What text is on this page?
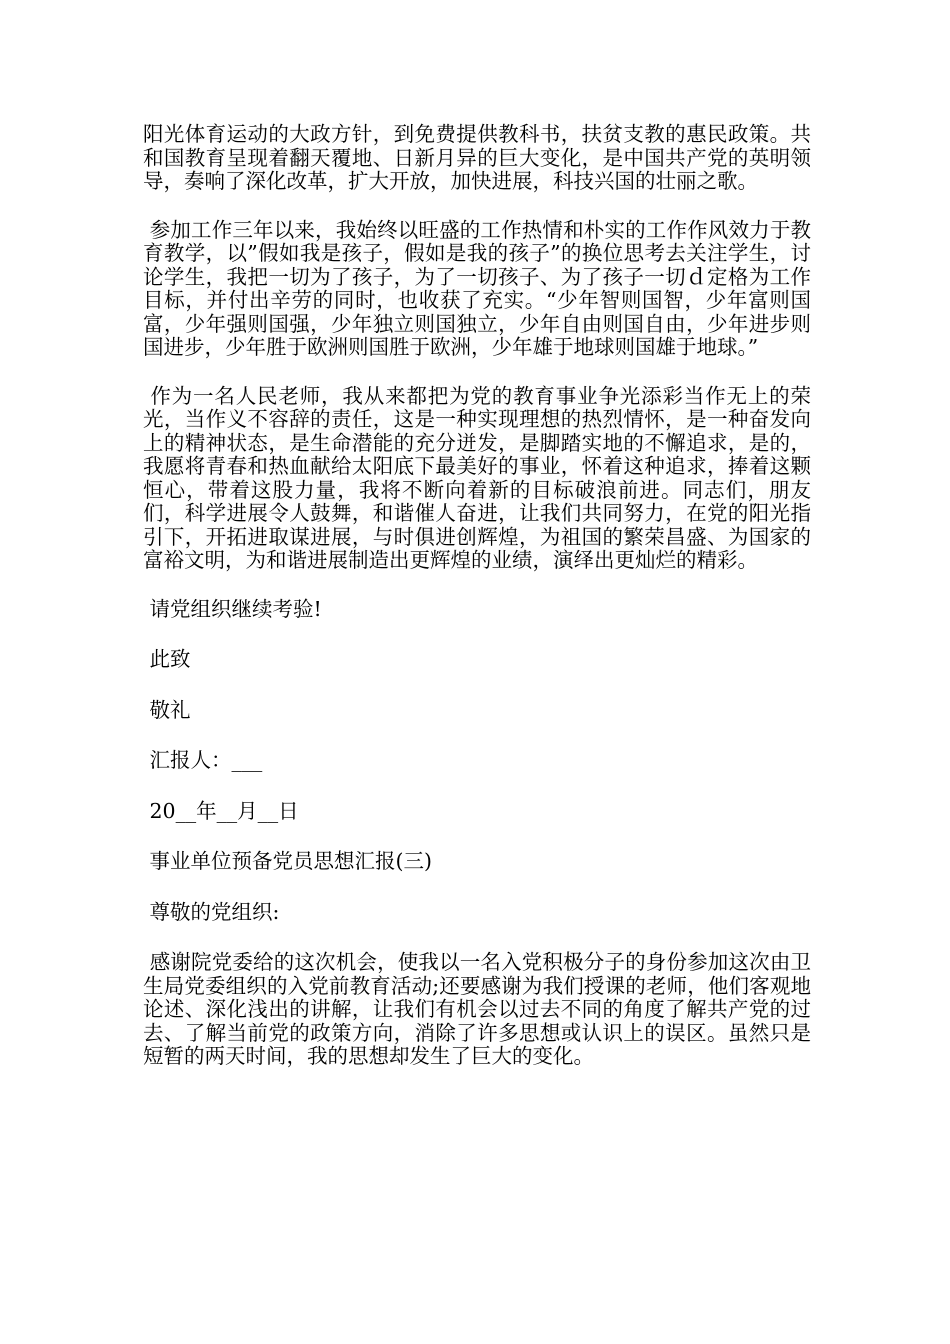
阳光体育运动的大政方针，到免费提供教科书，扶贫支教的惠民政策。共和国教育呈现着翻天覆地、日新月异的巨大变化，是中国共产党的英明领导，奏响了深化改革，扩大开放，加快进展，科技兴国的壮丽之歌。

参加工作三年以来，我始终以旺盛的工作热情和朴实的工作作风效力于教育教学，以”假如我是孩子，假如是我的孩子”的换位思考去关注学生，讨论学生，我把一切为了孩子，为了一切孩子、为了孩子一切ｄ定格为工作目标，并付出辛劳的同时，也收获了充实。“少年智则国智，少年富则国富，少年强则国强，少年独立则国独立，少年自由则国自由，少年进步则国进步，少年胜于欧洲则国胜于欧洲，少年雄于地球则国雄于地球。”

作为一名人民老师，我从来都把为党的教育事业争光添彩当作无上的荣光，当作义不容辞的责任，这是一种实现理想的热烈情怀，是一种奋发向上的精神状态，是生命潜能的充分迸发，是脚踏实地的不懈追求，是的，我愿将青春和热血献给太阳底下最美好的事业，怀着这种追求，捧着这颗恒心，带着这股力量，我将不断向着新的目标破浪前进。同志们，朋友们，科学进展令人鼓舞，和谐催人奋进，让我们共同努力，在党的阳光指引下，开拓进取谋进展，与时俱进创辉煌，为祖国的繁荣昌盛、为国家的富裕文明，为和谐进展制造出更辉煌的业绩，演绎出更灿烂的精彩。

请党组织继续考验!

此致

敬礼

汇报人：___

20__年__月__日

事业单位预备党员思想汇报(三)

尊敬的党组织:

感谢院党委给的这次机会，使我以一名入党积极分子的身份参加这次由卫生局党委组织的入党前教育活动;还要感谢为我们授课的老师，他们客观地论述、深化浅出的讲解，让我们有机会以过去不同的角度了解共产党的过去、了解当前党的政策方向，消除了许多思想或认识上的误区。虽然只是短暂的两天时间，我的思想却发生了巨大的变化。
